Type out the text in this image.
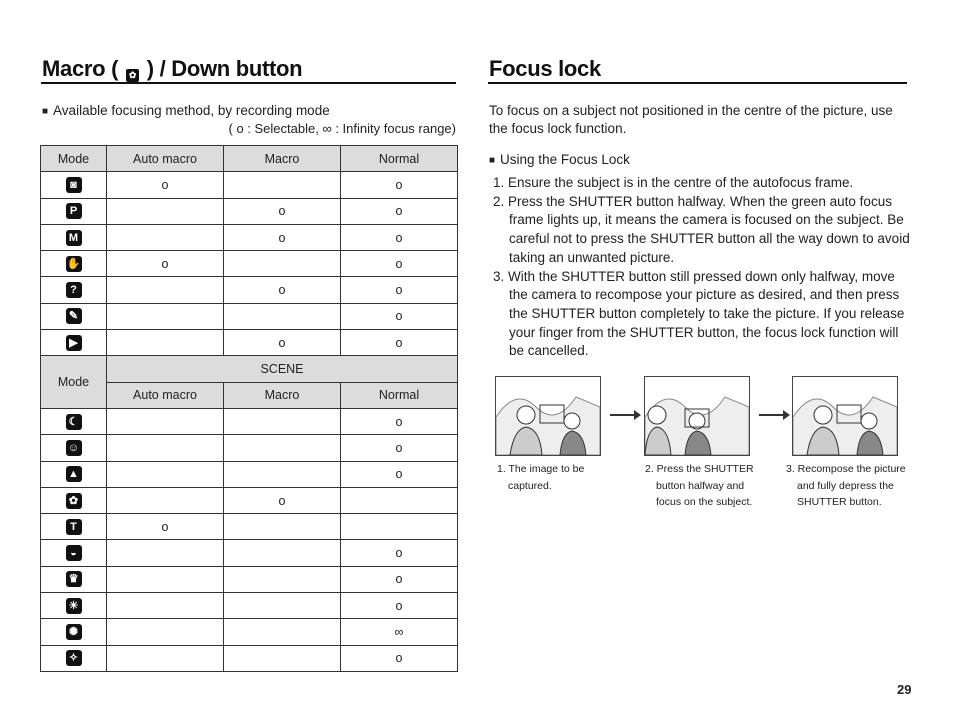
Macro ( ✿ ) / Down button
■ Available focusing method, by recording mode
( o : Selectable, ∞ : Infinity focus range)
Mode	Auto macro	Macro	Normal
◙	o		o
P		o	o
M		o	o
✋	o		o
?		o	o
✎			o
▶		o	o
Mode	SCENE		
	Auto macro	Macro	Normal
☾			o
☺			o
▲			o
✿		o	
T	o		
◒			o
♛			o
☀			o
✺			∞
✧			o
Focus lock
To focus on a subject not positioned in the centre of the picture, use
the focus lock function.
■ Using the Focus Lock
1. Ensure the subject is in the centre of the autofocus frame.
2. Press the SHUTTER button halfway. When the green auto focus frame lights up, it means the camera is focused on the subject. Be careful not to press the SHUTTER button all the way down to avoid taking an unwanted picture.
3. With the SHUTTER button still pressed down only halfway, move the camera to recompose your picture as desired, and then press the SHUTTER button completely to take the picture. If you release your finger from the SHUTTER button, the focus lock function will be cancelled.
1. The image to be
captured.
2. Press the SHUTTER
button halfway and
focus on the subject.
3. Recompose the picture
and fully depress the
SHUTTER button.
29
